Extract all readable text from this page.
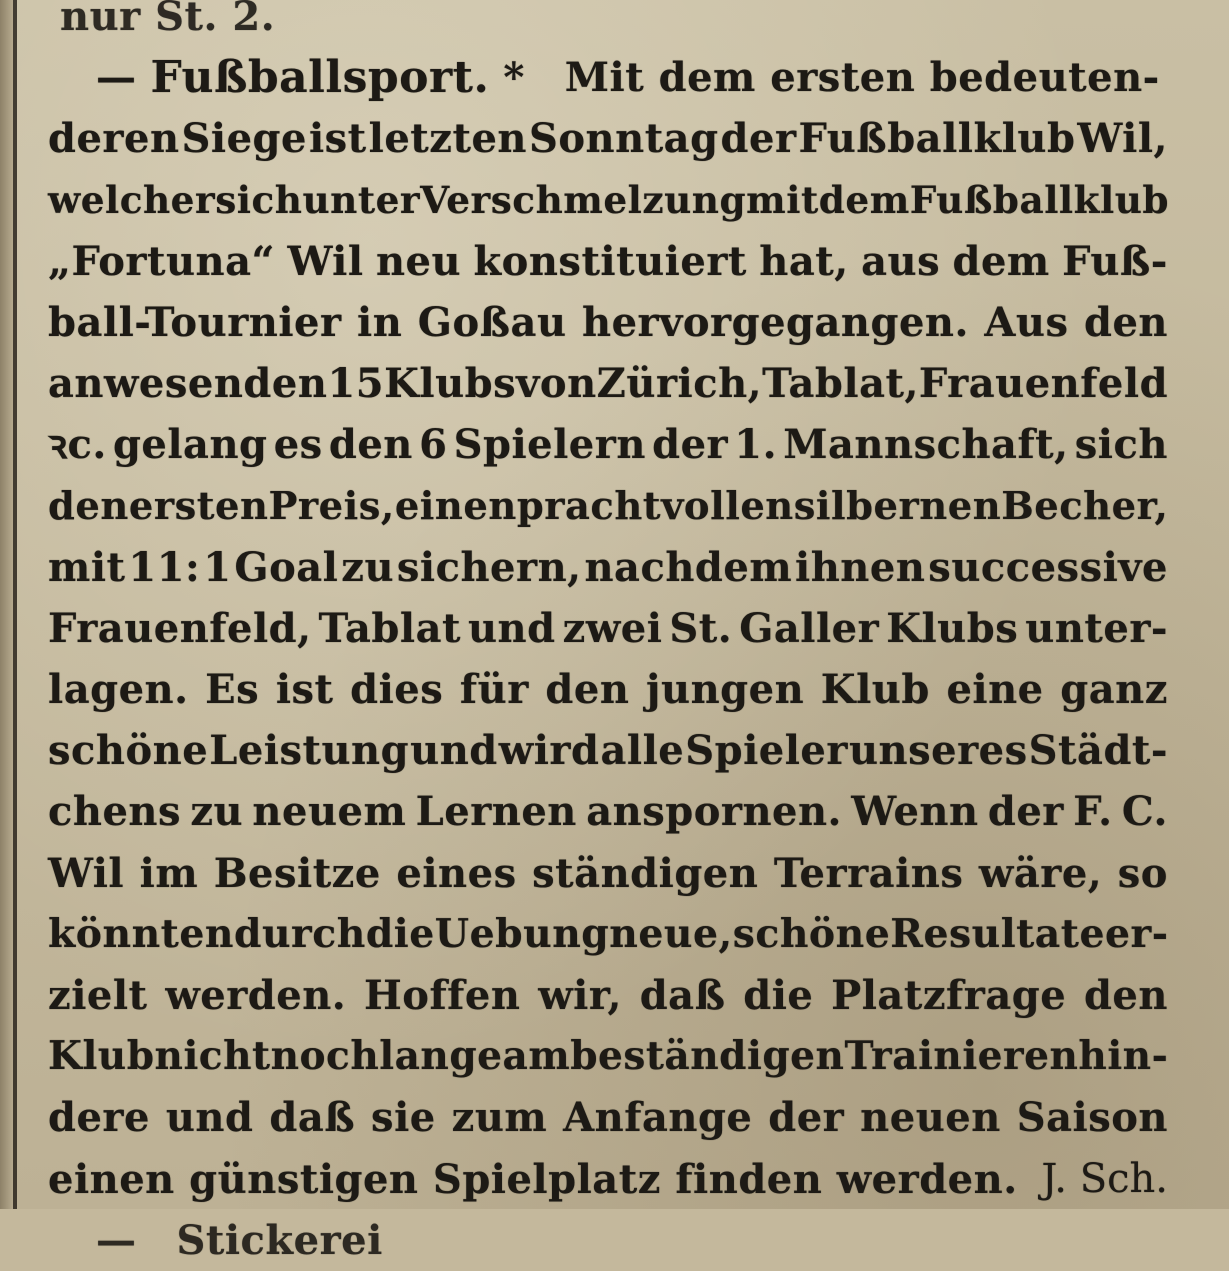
nur St. 2.
— Fußballsport. * Mit dem ersten bedeuten-
deren Siege ist letzten Sonntag der Fußballklub Wil,
welcher sich unter Verschmelzung mit dem Fußballklub
„Fortuna“ Wil neu konstituiert hat, aus dem Fuß-
ball-Tournier in Goßau hervorgegangen. Aus den
anwesenden 15 Klubs von Zürich, Tablat, Frauenfeld
ꝛc. gelang es den 6 Spielern der 1. Mannschaft, sich
den ersten Preis, einen prachtvollen silbernen Becher,
mit 11: 1 Goal zu sichern, nachdem ihnen successive
Frauenfeld, Tablat und zwei St. Galler Klubs unter-
lagen. Es ist dies für den jungen Klub eine ganz
schöne Leistung und wird alle Spieler unseres Städt-
chens zu neuem Lernen anspornen. Wenn der F. C.
Wil im Besitze eines ständigen Terrains wäre, so
könnten durch die Uebung neue, schöne Resultate er-
zielt werden. Hoffen wir, daß die Platzfrage den
Klub nicht noch lange am beständigen Trainieren hin-
dere und daß sie zum Anfange der neuen Saison
einen günstigen Spielplatz finden werden. J. Sch.
— Stickerei
